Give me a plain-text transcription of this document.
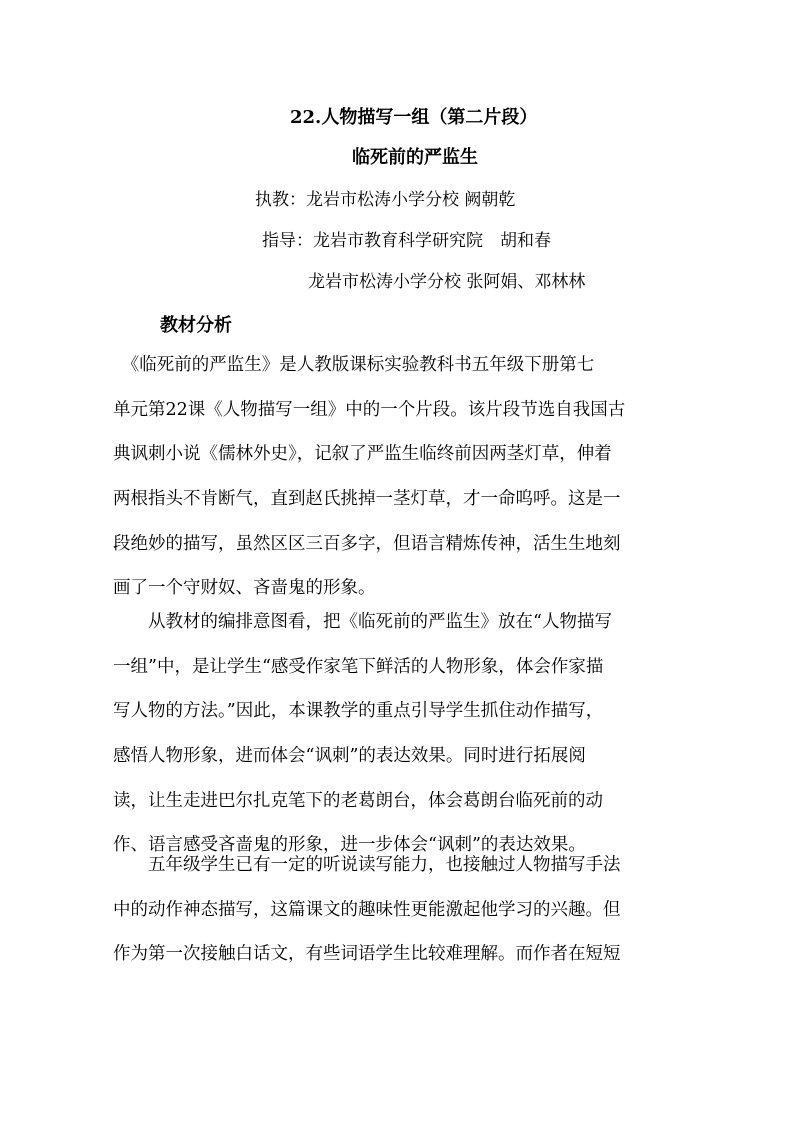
22.人物描写一组（第二片段）
临死前的严监生
执教：龙岩市松涛小学分校 阙朝乾
指导：龙岩市教育科学研究院　胡和春
龙岩市松涛小学分校 张阿娟、邓林林
教材分析
　《临死前的严监生》是人教版课标实验教科书五年级下册第七
单元第22课《人物描写一组》中的一个片段。该片段节选自我国古
典讽刺小说《儒林外史》，记叙了严监生临终前因两茎灯草，伸着
两根指头不肯断气，直到赵氏挑掉一茎灯草，才一命呜呼。这是一
段绝妙的描写，虽然区区三百多字，但语言精炼传神，活生生地刻
画了一个守财奴、吝啬鬼的形象。
　　从教材的编排意图看，把《临死前的严监生》放在“人物描写
一组”中，是让学生“感受作家笔下鲜活的人物形象，体会作家描
写人物的方法。”因此，本课教学的重点引导学生抓住动作描写，
感悟人物形象，进而体会“讽刺”的表达效果。同时进行拓展阅
读，让生走进巴尔扎克笔下的老葛朗台，体会葛朗台临死前的动
作、语言感受吝啬鬼的形象，进一步体会“讽刺”的表达效果。
　　五年级学生已有一定的听说读写能力，也接触过人物描写手法
中的动作神态描写，这篇课文的趣味性更能激起他学习的兴趣。但
作为第一次接触白话文，有些词语学生比较难理解。而作者在短短
